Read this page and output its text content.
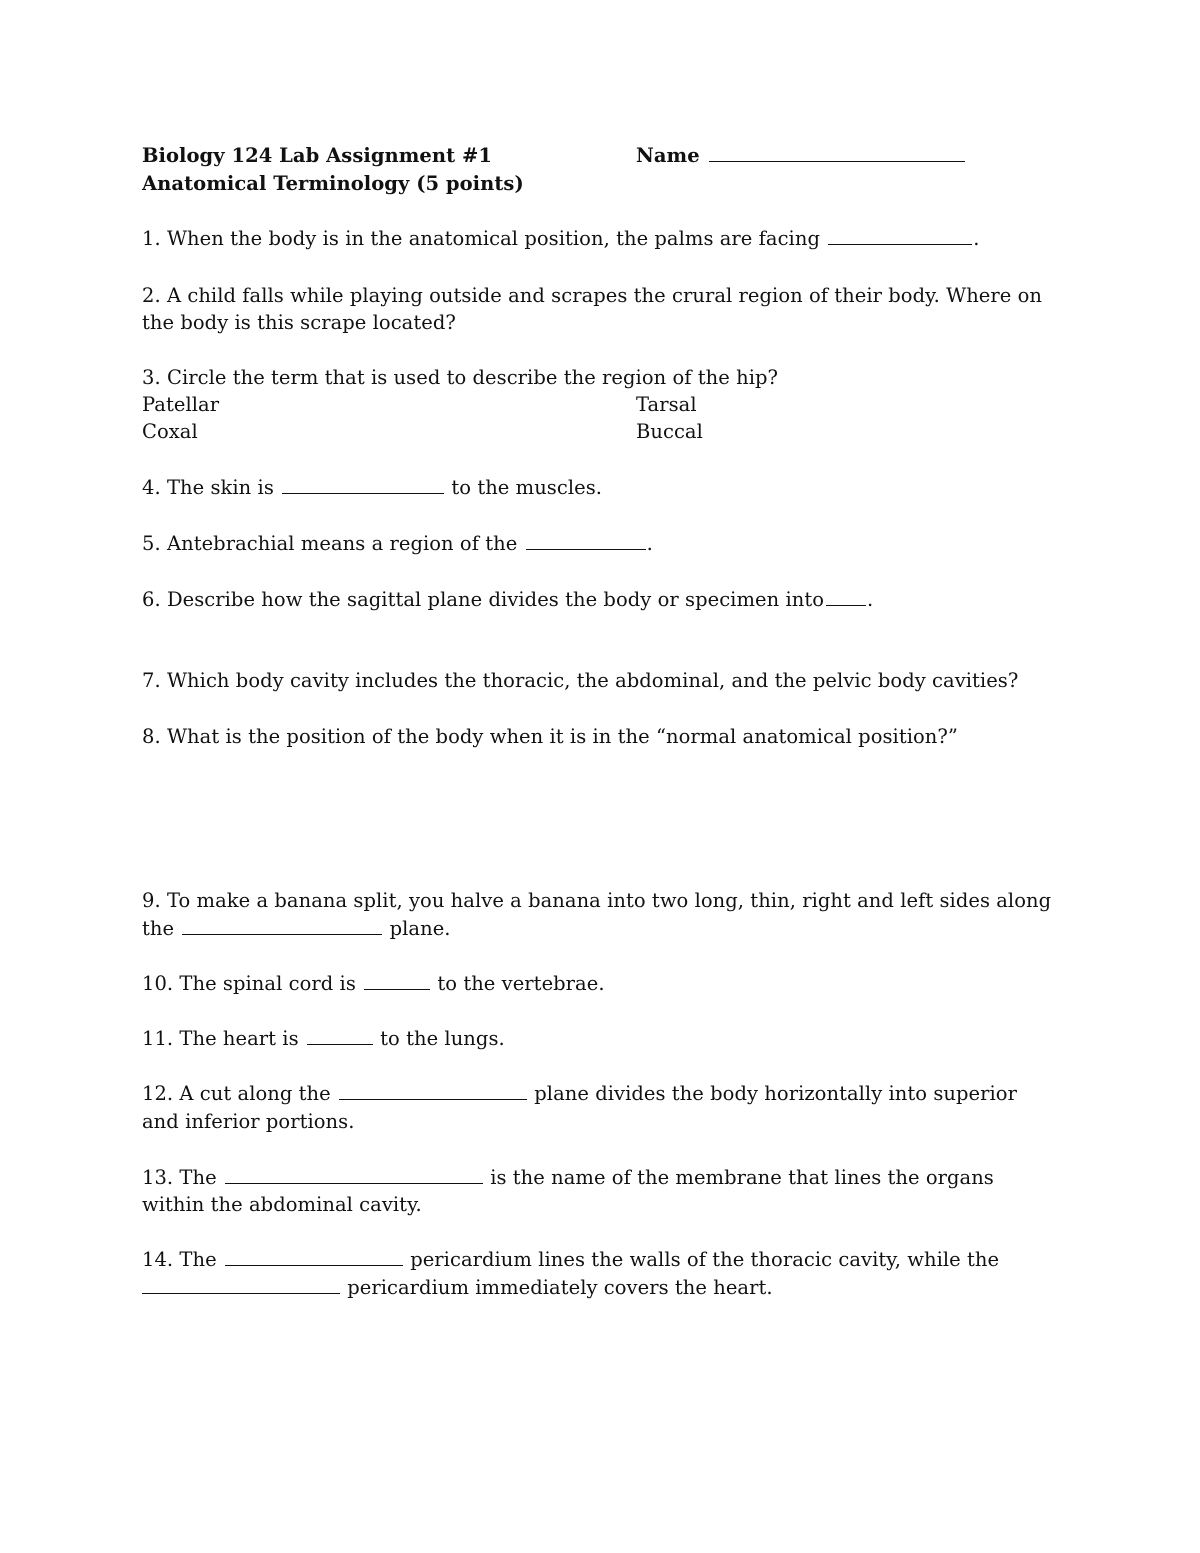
Biology 124 Lab Assignment #1	Name
Anatomical Terminology (5 points)
1. When the body is in the anatomical position, the palms are facing	.
2. A child falls while playing outside and scrapes the crural region of their body. Where on
the body is this scrape located?
3. Circle the term that is used to describe the region of the hip?
Patellar	Tarsal
Coxal	Buccal
4. The skin is	to the muscles.
5. Antebrachial means a region of the	.
6. Describe how the sagittal plane divides the body or specimen into .
7. Which body cavity includes the thoracic, the abdominal, and the pelvic body cavities?
8. What is the position of the body when it is in the “normal anatomical position?”
9. To make a banana split, you halve a banana into two long, thin, right and left sides along
the	plane.
10. The spinal cord is	to the vertebrae.
11. The heart is	to the lungs.
12. A cut along the	plane divides the body horizontally into superior
and inferior portions.
13. The	is the name of the membrane that lines the organs
within the abdominal cavity.
14. The	pericardium lines the walls of the thoracic cavity, while the
pericardium immediately covers the heart.
